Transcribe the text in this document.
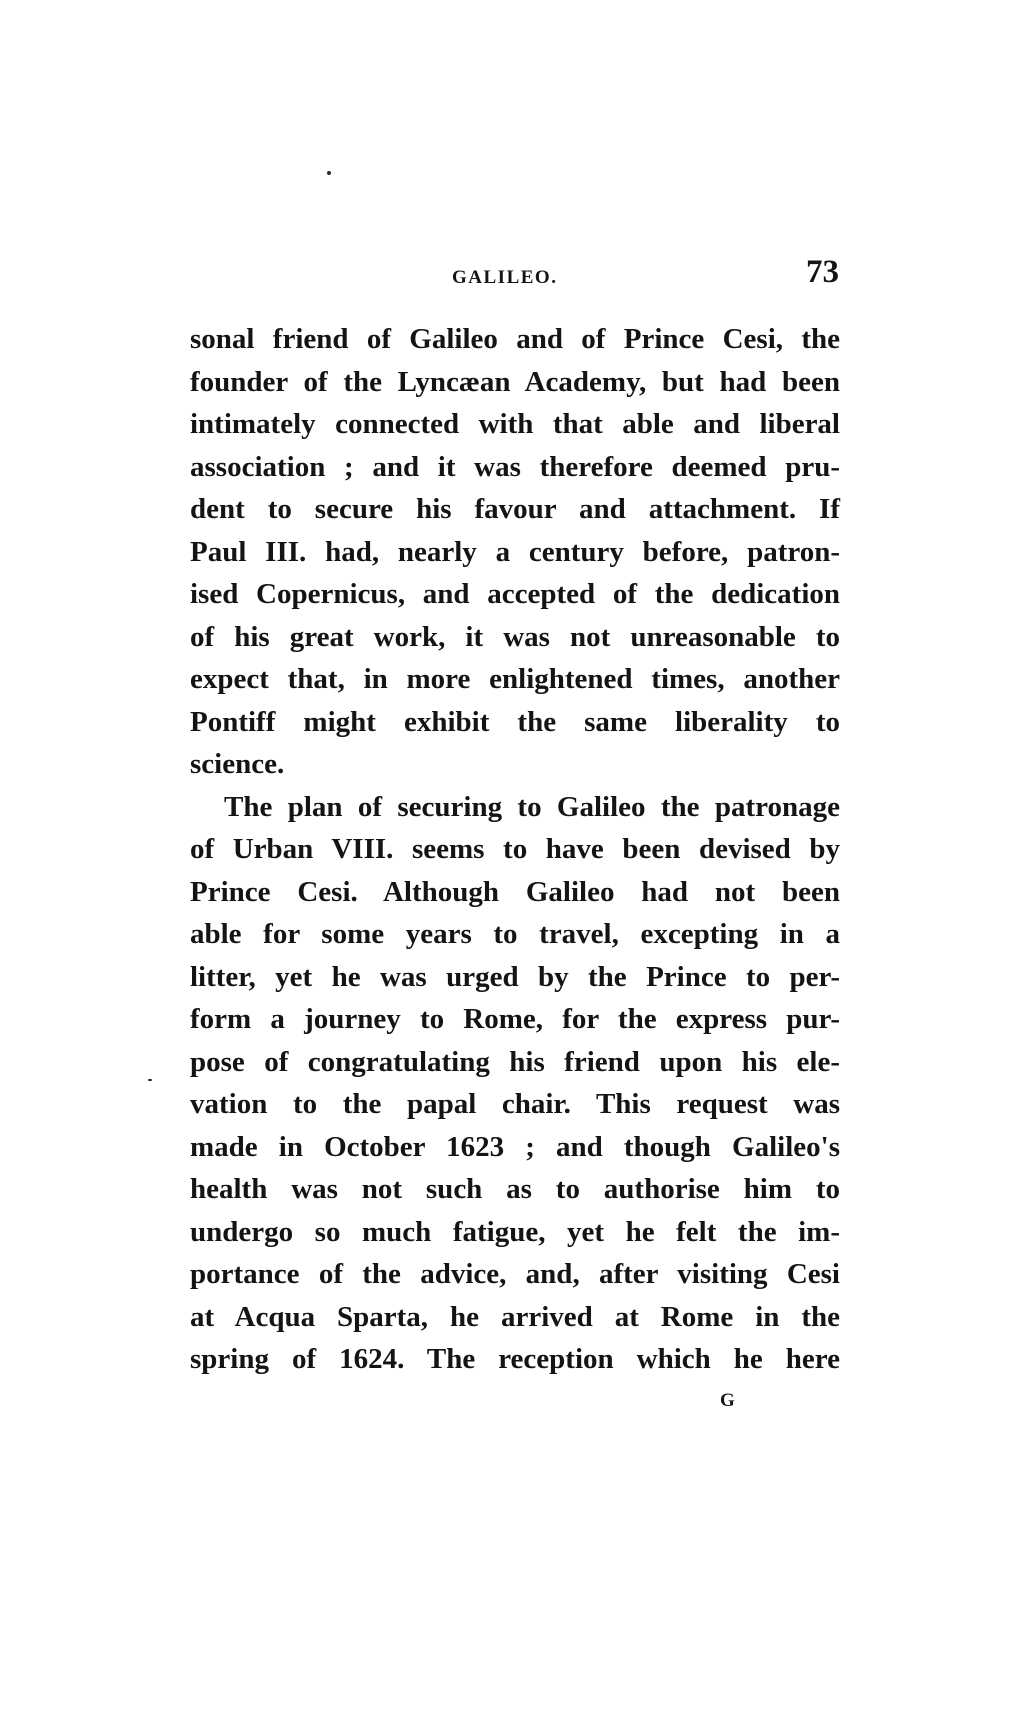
GALILEO.	73
sonal friend of Galileo and of Prince Cesi, the
founder of the Lyncæan Academy, but had been
intimately connected with that able and liberal
association ; and it was therefore deemed pru-
dent to secure his favour and attachment. If
Paul III. had, nearly a century before, patron-
ised Copernicus, and accepted of the dedication
of his great work, it was not unreasonable to
expect that, in more enlightened times, another
Pontiff might exhibit the same liberality to
science.
The plan of securing to Galileo the patronage
of Urban VIII. seems to have been devised by
Prince Cesi. Although Galileo had not been
able for some years to travel, excepting in a
litter, yet he was urged by the Prince to per-
form a journey to Rome, for the express pur-
pose of congratulating his friend upon his ele-
vation to the papal chair. This request was
made in October 1623 ; and though Galileo's
health was not such as to authorise him to
undergo so much fatigue, yet he felt the im-
portance of the advice, and, after visiting Cesi
at Acqua Sparta, he arrived at Rome in the
spring of 1624. The reception which he here
G
